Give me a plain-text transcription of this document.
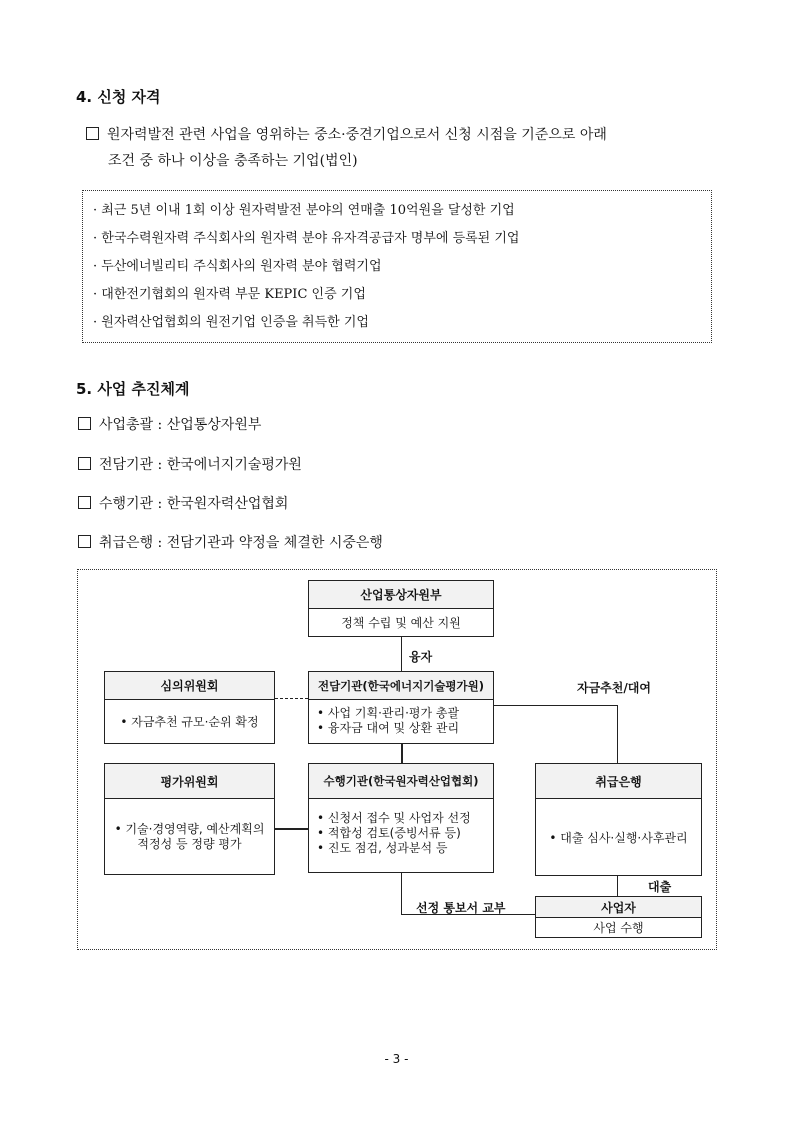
4. 신청 자격
원자력발전 관련 사업을 영위하는 중소·중견기업으로서 신청 시점을 기준으로 아래
조건 중 하나 이상을 충족하는 기업(법인)
· 최근 5년 이내 1회 이상 원자력발전 분야의 연매출 10억원을 달성한 기업
· 한국수력원자력 주식회사의 원자력 분야 유자격공급자 명부에 등록된 기업
· 두산에너빌리티 주식회사의 원자력 분야 협력기업
· 대한전기협회의 원자력 부문 KEPIC 인증 기업
· 원자력산업협회의 원전기업 인증을 취득한 기업
5. 사업 추진체계
사업총괄 : 산업통상자원부
전담기관 : 한국에너지기술평가원
수행기관 : 한국원자력산업협회
취급은행 : 전담기관과 약정을 체결한 시중은행
산업통상자원부
정책 수립 및 예산 지원
전담기관(한국에너지기술평가원)
• 사업 기획·관리·평가 총괄
• 융자금 대여 및 상환 관리
심의위원회
• 자금추천 규모·순위 확정
평가위원회
• 기술·경영역량, 예산계획의
적정성 등 정량 평가
수행기관(한국원자력산업협회)
• 신청서 접수 및 사업자 선정
• 적합성 검토(증빙서류 등)
• 진도 점검, 성과분석 등
취급은행
• 대출 심사·실행·사후관리
사업자
사업 수행
융자
자금추천/대여
대출
선정 통보서 교부
- 3 -
